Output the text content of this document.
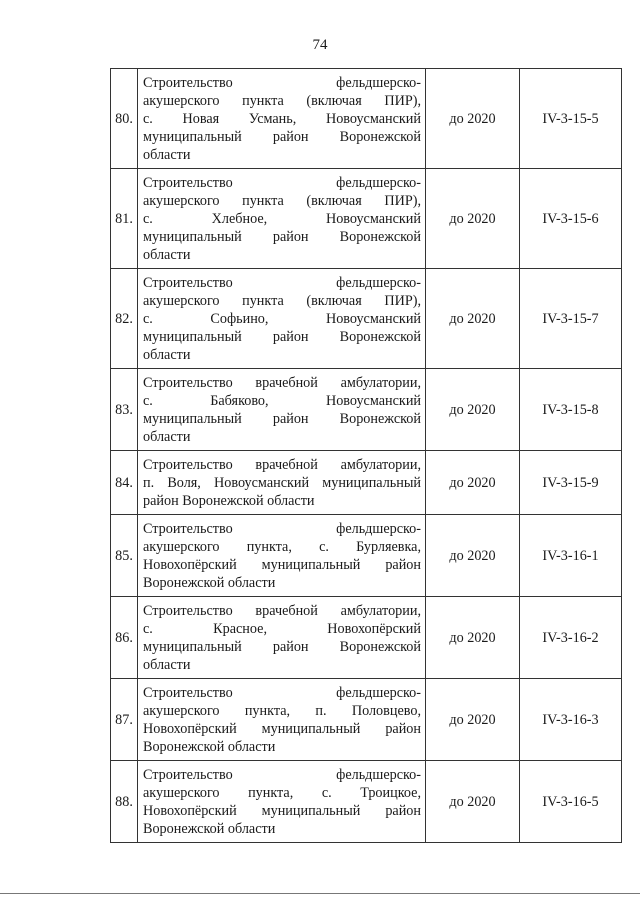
74
80.	Строительство фельдшерско-
акушерского пункта (включая ПИР),
с. Новая Усмань, Новоусманский
муниципальный район Воронежской
области	до 2020	IV-3-15-5
81.	Строительство фельдшерско-
акушерского пункта (включая ПИР),
с. Хлебное, Новоусманский
муниципальный район Воронежской
области	до 2020	IV-3-15-6
82.	Строительство фельдшерско-
акушерского пункта (включая ПИР),
с. Софьино, Новоусманский
муниципальный район Воронежской
области	до 2020	IV-3-15-7
83.	Строительство врачебной амбулатории,
с. Бабяково, Новоусманский
муниципальный район Воронежской
области	до 2020	IV-3-15-8
84.	Строительство врачебной амбулатории,
п. Воля, Новоусманский муниципальный
район Воронежской области	до 2020	IV-3-15-9
85.	Строительство фельдшерско-
акушерского пункта, с. Бурляевка,
Новохопёрский муниципальный район
Воронежской области	до 2020	IV-3-16-1
86.	Строительство врачебной амбулатории,
с. Красное, Новохопёрский
муниципальный район Воронежской
области	до 2020	IV-3-16-2
87.	Строительство фельдшерско-
акушерского пункта, п. Половцево,
Новохопёрский муниципальный район
Воронежской области	до 2020	IV-3-16-3
88.	Строительство фельдшерско-
акушерского пункта, с. Троицкое,
Новохопёрский муниципальный район
Воронежской области	до 2020	IV-3-16-5
